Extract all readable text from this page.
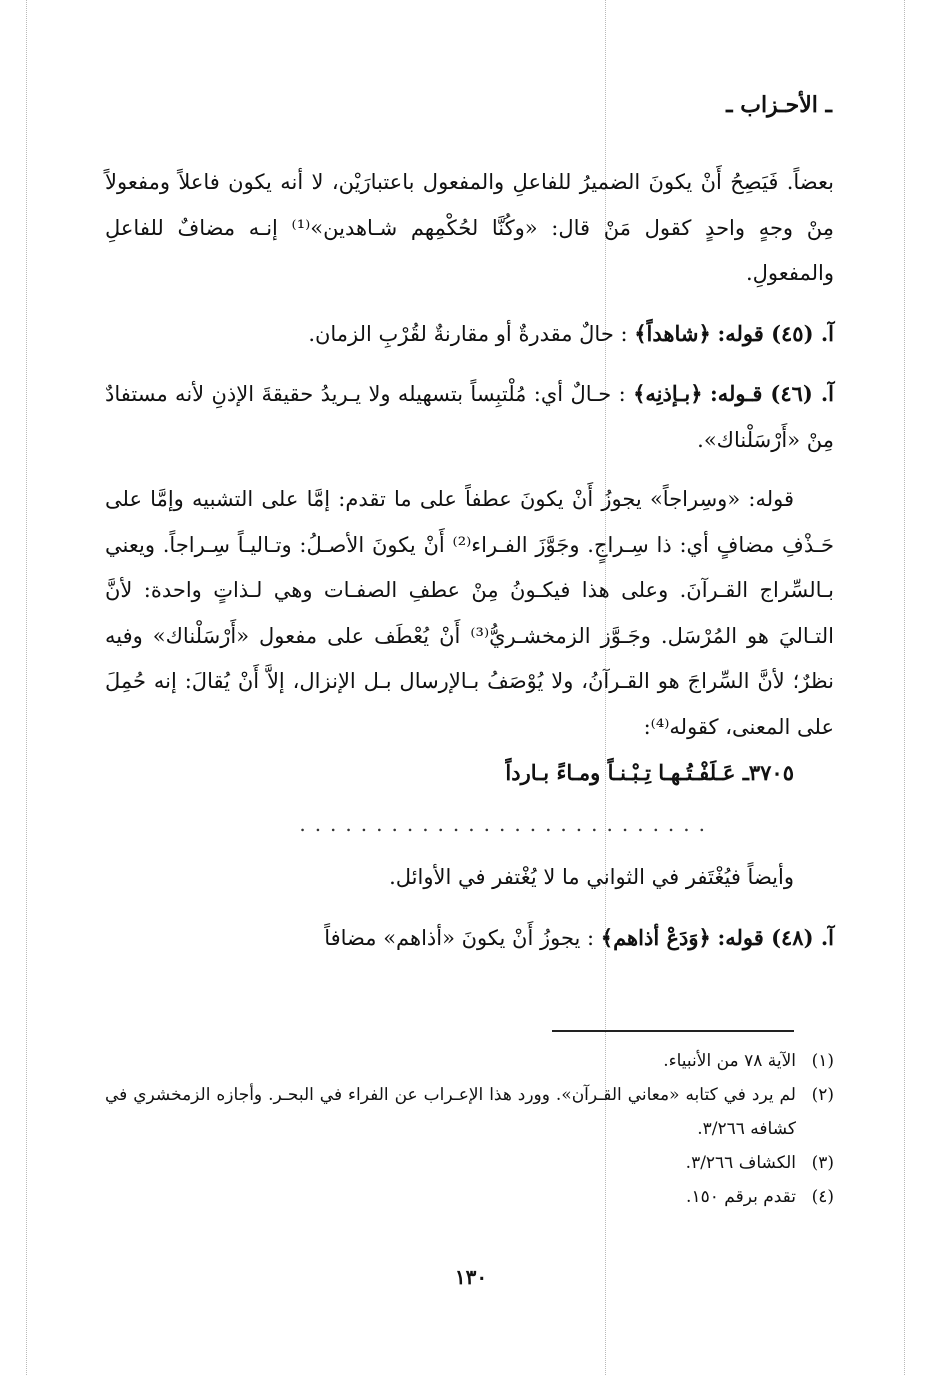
ـ الأحـزاب ـ

بعضاً. فَيَصِحُ أَنْ يكونَ الضميرُ للفاعلِ والمفعول باعتبارَيْن، لا أنه يكون فاعلاً ومفعولاً مِنْ وجهٍ واحدٍ كقول مَنْ قال: «وكُنَّا لحُكْمِهم شـاهدين»⁽¹⁾ إنـه مضافٌ للفاعلِ والمفعولِ.

آ. (٤٥) قوله: ﴿شاهداً﴾ : حالٌ مقدرةٌ أو مقارنةٌ لقُرْبِ الزمان.

آ. (٤٦) قـوله: ﴿بـإذنِه﴾ : حـالٌ أي: مُلْتبِساً بتسهيله ولا يـريدُ حقيقةَ الإذنِ لأنه مستفادٌ مِنْ «أَرْسَلْناك».

قوله: «وسِراجاً» يجوزُ أَنْ يكونَ عطفاً على ما تقدم: إمَّا على التشبيه وإمَّا على حَـذْفِ مضافٍ أي: ذا سِـراجٍ. وجَوَّزَ الفـراء⁽²⁾ أَنْ يكونَ الأصـلُ: وتـاليـاً سِـراجاً. ويعني بـالسِّراج القـرآنَ. وعلى هذا فيكـونُ مِنْ عطفِ الصفـات وهي لـذاتٍ واحدة: لأنَّ التـاليَ هو المُرْسَل. وجَـوَّز الزمخشـريُّ⁽³⁾ أَنْ يُعْطَف على مفعول «أَرْسَلْناك» وفيه نظرٌ؛ لأنَّ السِّراجَ هو القـرآنُ، ولا يُوْصَفُ بـالإرسال بـل الإنزال، إلاَّ أَنْ يُقالَ: إنه حُمِلَ على المعنى، كقوله⁽⁴⁾:

٣٧٠٥ـ عَـلَفْـتُـهـا تِـبْـنـاً ومـاءً بـارداً

...........................

وأيضاً فيُغْتَفر في الثواني ما لا يُغْتفر في الأوائل.

آ. (٤٨) قوله: ﴿وَدَعْ أذاهم﴾ : يجوزُ أَنْ يكونَ «أذاهم» مضافاً

(١)
الآية ٧٨ من الأنبياء.
(٢)
لم يرد في كتابه «معاني القـرآن». وورد هذا الإعـراب عن الفراء في البحـر. وأجازه الزمخشري في كشافه ٣/٢٦٦.
(٣)
الكشاف ٣/٢٦٦.
(٤)
تقدم برقم ١٥٠.
١٣٠
